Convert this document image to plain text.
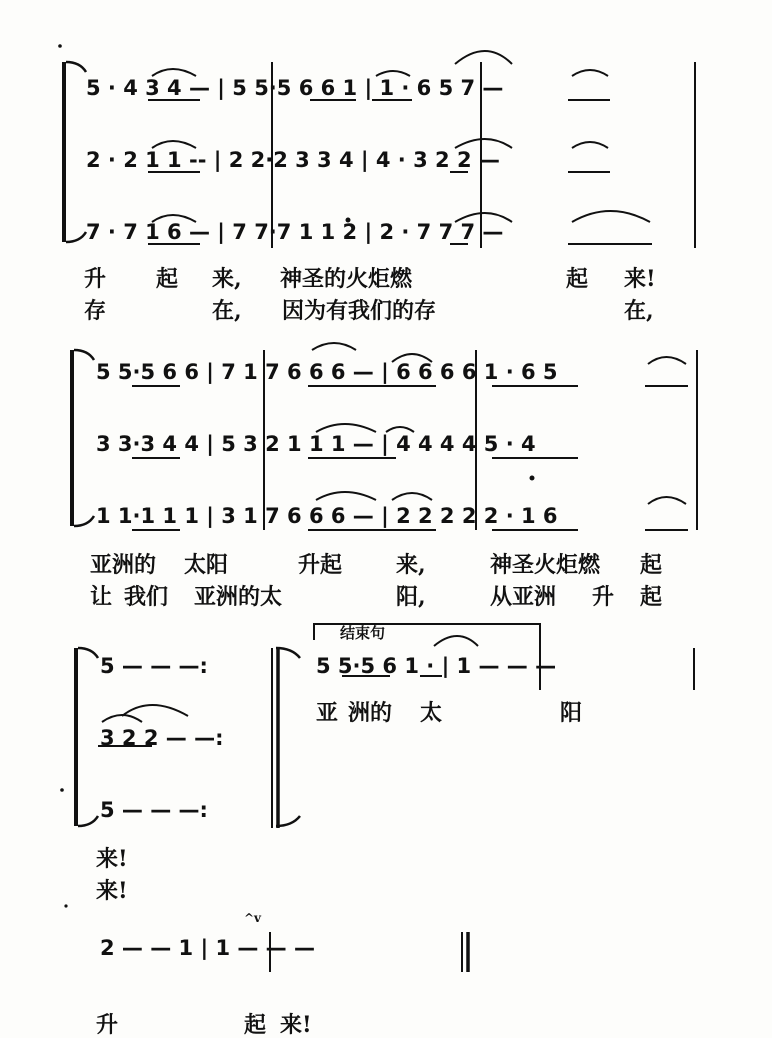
5 · 4 3 4 — | 5 5·5 6 6 1 | 1 · 6 5 7 —
2 · 2 1 1 -- | 2 2·2 3 3 4 | 4 · 3 2 2 —
7 · 7 1 6 — | 7 7·7 1 1 2 | 2 · 7 7 7 —
升 起 来, 神圣的火炬燃	起 来!
存	在, 因为有我们的存	在,
5 5·5 6 6 | 7 1 7 6 6 6 — | 6 6 6 6 1 · 6 5
3 3·3 4 4 | 5 3 2 1 1 1 — | 4 4 4 4 5 · 4
1 1·1 1 1 | 3 1 7 6 6 6 — | 2 2 2 2 2 · 1 6
亚洲的 太阳	升起 来,	神圣火炬燃 起
让 我们 亚洲的太	阳,	从亚洲 升 起
5 — — —:
3 2 2 — —:
5 — — —:
结束句
5 5·5 6 1 · | 1 — — —
亚 洲的 太	阳
来!
来!
^v
2 — — 1 | 1 — — —
升	起 来!
